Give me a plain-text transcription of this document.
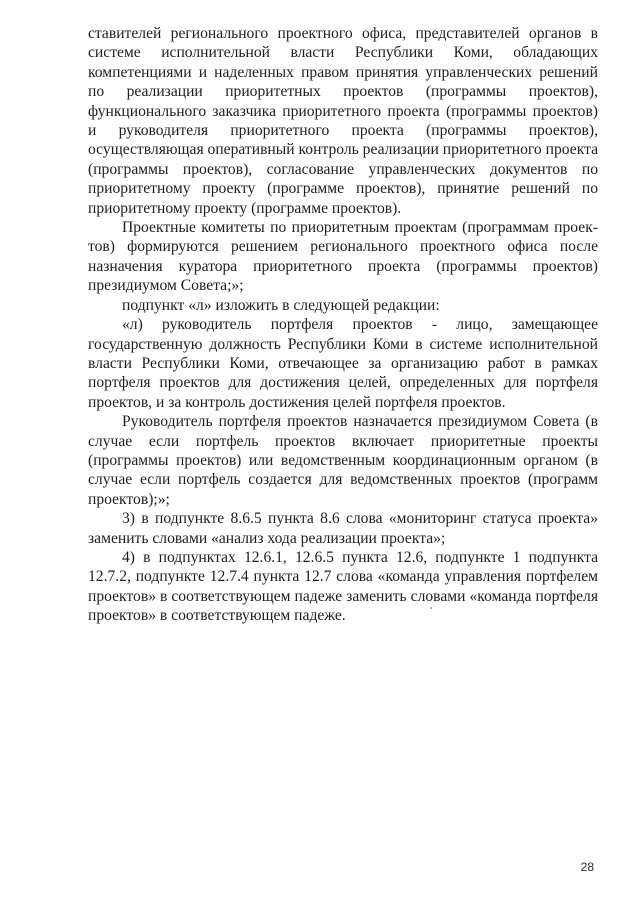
ставителей регионального проектного офиса, представителей органов в системе исполнительной власти Республики Коми, обладающих компетенциями и наделенных правом принятия управленческих решений по реализации приоритетных проектов (программы проектов), функционального заказчика приоритетного проекта (программы проектов) и руководителя приоритетного проекта (программы проектов), осуществляющая оперативный контроль реализации приоритетного проекта (программы проектов), согласование управленческих документов по приоритетному проекту (программе проектов), принятие решений по приоритетному проекту (программе проектов).

Проектные комитеты по приоритетным проектам (программам проектов) формируются решением регионального проектного офиса после назначения куратора приоритетного проекта (программы проектов) президиумом Совета;»;

подпункт «л» изложить в следующей редакции:

«л) руководитель портфеля проектов - лицо, замещающее государственную должность Республики Коми в системе исполнительной власти Республики Коми, отвечающее за организацию работ в рамках портфеля проектов для достижения целей, определенных для портфеля проектов, и за контроль достижения целей портфеля проектов.

Руководитель портфеля проектов назначается президиумом Совета (в случае если портфель проектов включает приоритетные проекты (программы проектов) или ведомственным координационным органом (в случае если портфель создается для ведомственных проектов (программ проектов);»;

3) в подпункте 8.6.5 пункта 8.6 слова «мониторинг статуса проекта» заменить словами «анализ хода реализации проекта»;

4) в подпунктах 12.6.1, 12.6.5 пункта 12.6, подпункте 1 подпункта 12.7.2, подпункте 12.7.4 пункта 12.7 слова «команда управления портфелем проектов» в соответствующем падеже заменить словами «команда портфеля проектов» в соответствующем падеже.

28
